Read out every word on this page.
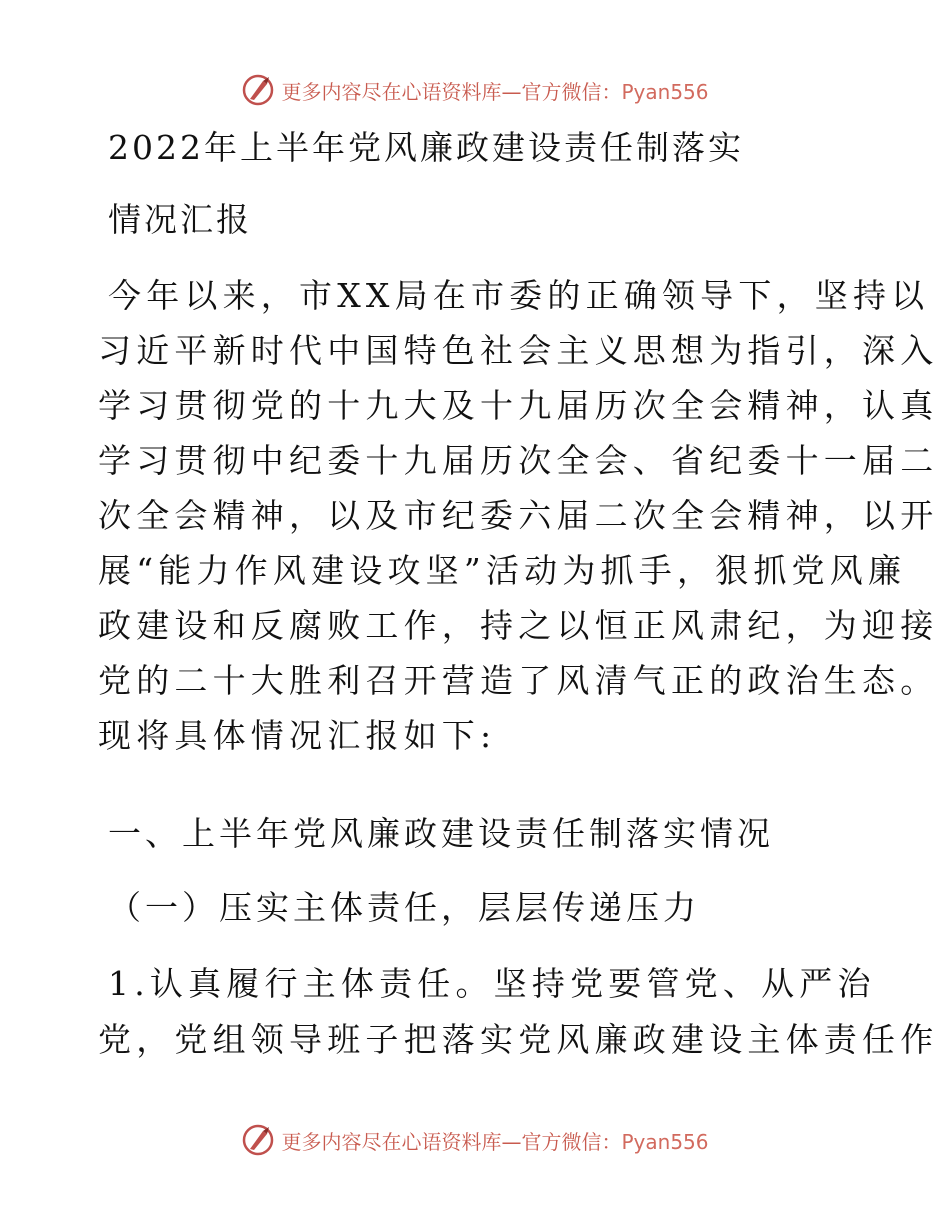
更多内容尽在心语资料库—官方微信：Pyan556
2022年上半年党风廉政建设责任制落实
情况汇报
今年以来，市XX局在市委的正确领导下，坚持以
习近平新时代中国特色社会主义思想为指引，深入
学习贯彻党的十九大及十九届历次全会精神，认真
学习贯彻中纪委十九届历次全会、省纪委十一届二
次全会精神，以及市纪委六届二次全会精神，以开
展“能力作风建设攻坚”活动为抓手，狠抓党风廉
政建设和反腐败工作，持之以恒正风肃纪，为迎接
党的二十大胜利召开营造了风清气正的政治生态。
现将具体情况汇报如下:
一、上半年党风廉政建设责任制落实情况
（一）压实主体责任，层层传递压力
1.认真履行主体责任。坚持党要管党、从严治
党，党组领导班子把落实党风廉政建设主体责任作
更多内容尽在心语资料库—官方微信：Pyan556
